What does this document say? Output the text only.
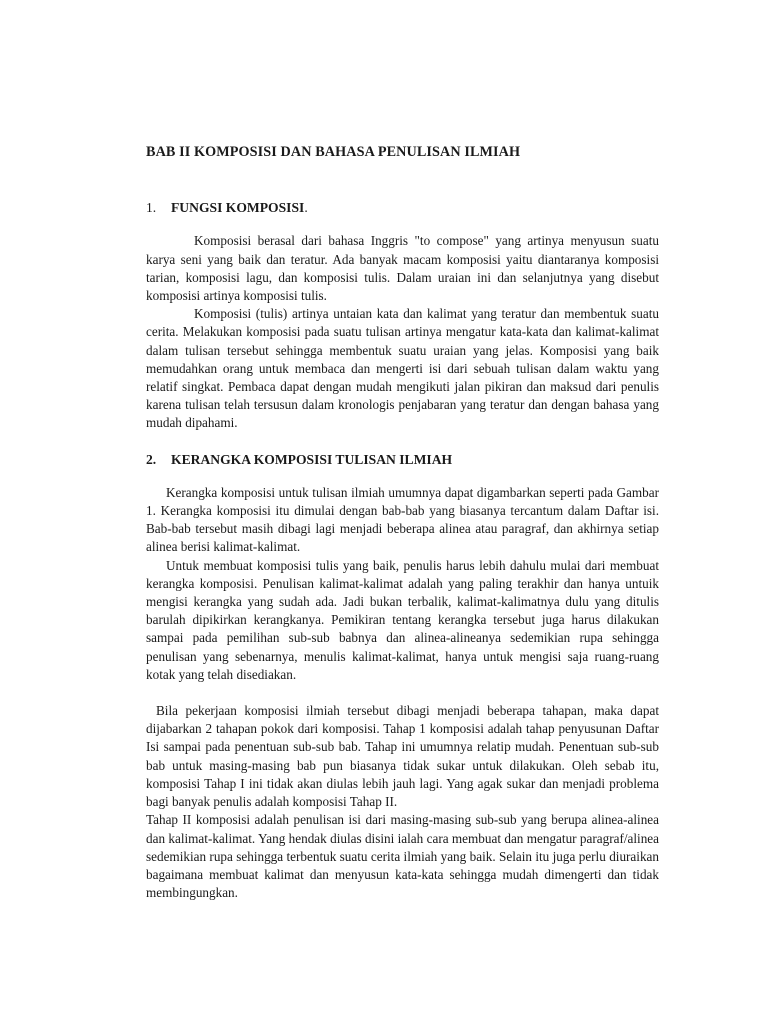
BAB II KOMPOSISI DAN BAHASA PENULISAN ILMIAH
1. FUNGSI KOMPOSISI.

Komposisi berasal dari bahasa Inggris "to compose" yang artinya menyusun suatu karya seni yang baik dan teratur. Ada banyak macam komposisi yaitu diantaranya komposisi tarian, komposisi lagu, dan komposisi tulis. Dalam uraian ini dan selanjutnya yang disebut komposisi artinya komposisi tulis.

Komposisi (tulis) artinya untaian kata dan kalimat yang teratur dan membentuk suatu cerita. Melakukan komposisi pada suatu tulisan artinya mengatur kata-kata dan kalimat-kalimat dalam tulisan tersebut sehingga membentuk suatu uraian yang jelas. Komposisi yang baik memudahkan orang untuk membaca dan mengerti isi dari sebuah tulisan dalam waktu yang relatif singkat. Pembaca dapat dengan mudah mengikuti jalan pikiran dan maksud dari penulis karena tulisan telah tersusun dalam kronologis penjabaran yang teratur dan dengan bahasa yang mudah dipahami.

2. KERANGKA KOMPOSISI TULISAN ILMIAH

Kerangka komposisi untuk tulisan ilmiah umumnya dapat digambarkan seperti pada Gambar 1. Kerangka komposisi itu dimulai dengan bab-bab yang biasanya tercantum dalam Daftar isi. Bab-bab tersebut masih dibagi lagi menjadi beberapa alinea atau paragraf, dan akhirnya setiap alinea berisi kalimat-kalimat.

Untuk membuat komposisi tulis yang baik, penulis harus lebih dahulu mulai dari membuat kerangka komposisi. Penulisan kalimat-kalimat adalah yang paling terakhir dan hanya untuik mengisi kerangka yang sudah ada. Jadi bukan terbalik, kalimat-kalimatnya dulu yang ditulis barulah dipikirkan kerangkanya. Pemikiran tentang kerangka tersebut juga harus dilakukan sampai pada pemilihan sub-sub babnya dan alinea-alineanya sedemikian rupa sehingga penulisan yang sebenarnya, menulis kalimat-kalimat, hanya untuk mengisi saja ruang-ruang kotak yang telah disediakan.

Bila pekerjaan komposisi ilmiah tersebut dibagi menjadi beberapa tahapan, maka dapat dijabarkan 2 tahapan pokok dari komposisi. Tahap 1 komposisi adalah tahap penyusunan Daftar Isi sampai pada penentuan sub-sub bab. Tahap ini umumnya relatip mudah. Penentuan sub-sub bab untuk masing-masing bab pun biasanya tidak sukar untuk dilakukan. Oleh sebab itu, komposisi Tahap I ini tidak akan diulas lebih jauh lagi. Yang agak sukar dan menjadi problema bagi banyak penulis adalah komposisi Tahap II.

Tahap II komposisi adalah penulisan isi dari masing-masing sub-sub yang berupa alinea-alinea dan kalimat-kalimat. Yang hendak diulas disini ialah cara membuat dan mengatur paragraf/alinea sedemikian rupa sehingga terbentuk suatu cerita ilmiah yang baik. Selain itu juga perlu diuraikan bagaimana membuat kalimat dan menyusun kata-kata sehingga mudah dimengerti dan tidak membingungkan.
